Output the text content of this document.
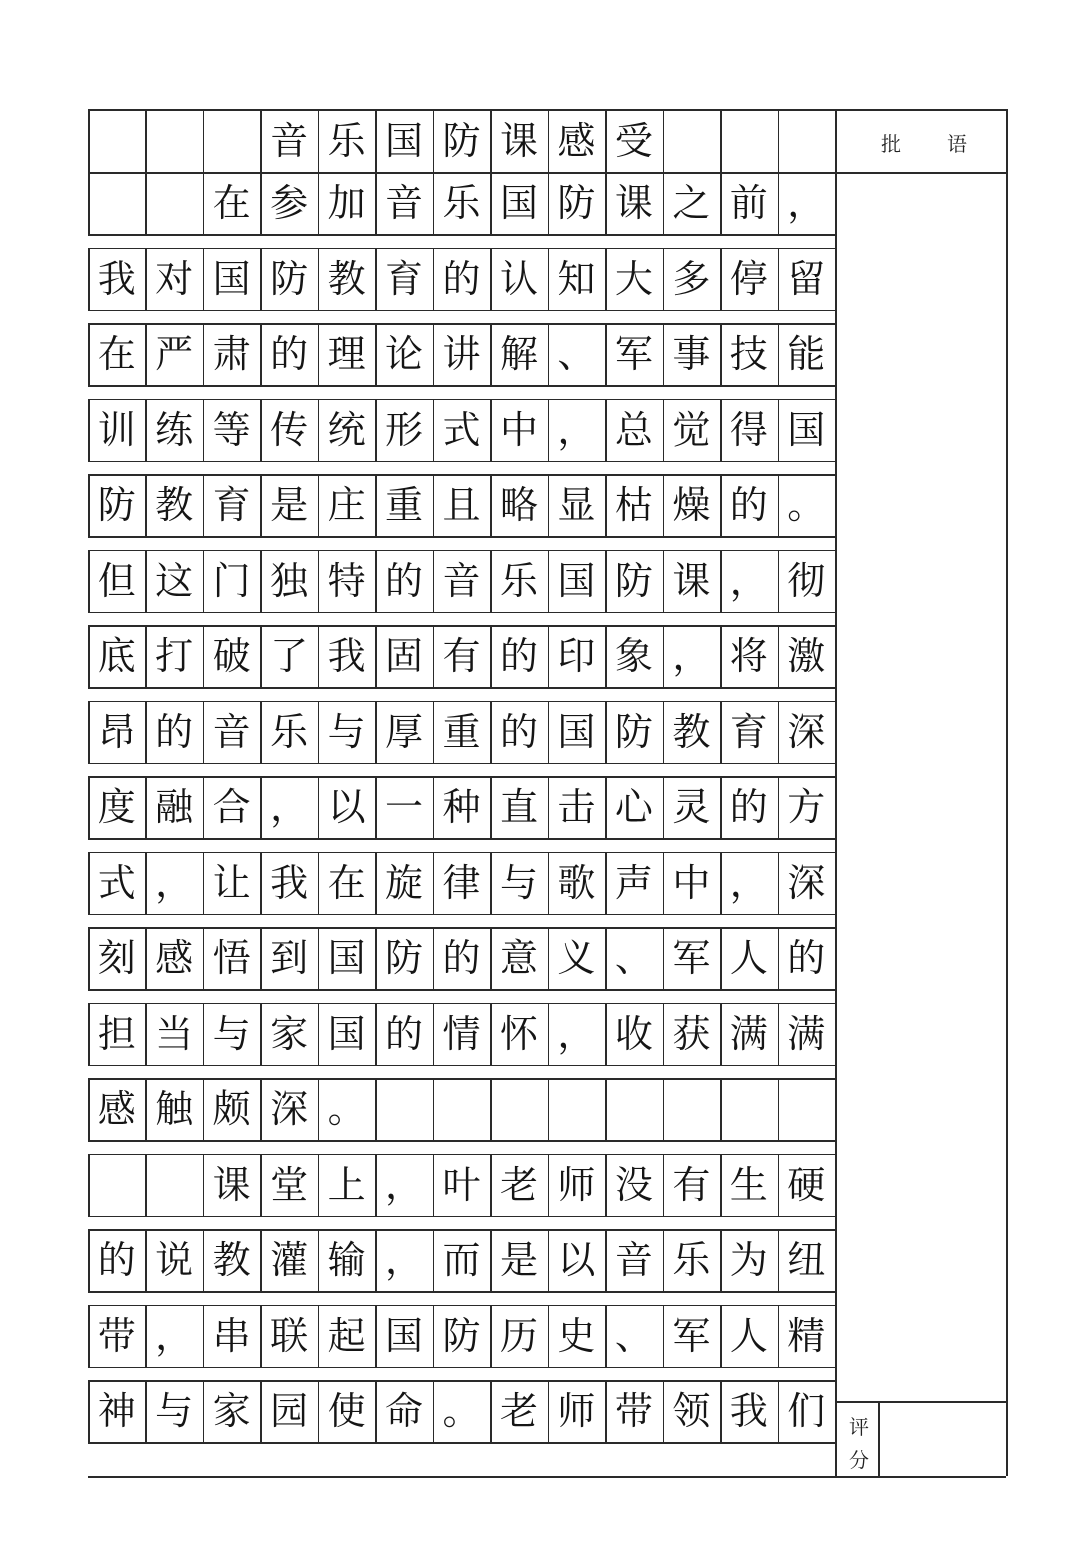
音 乐 国 防 课 感 受
在 参 加 音 乐 国 防 课 之 前 ，
我 对 国 防 教 育 的 认 知 大 多 停 留
在 严 肃 的 理 论 讲 解 、 军 事 技 能
训 练 等 传 统 形 式 中 ， 总 觉 得 国
防 教 育 是 庄 重 且 略 显 枯 燥 的 。
但 这 门 独 特 的 音 乐 国 防 课 ， 彻
底 打 破 了 我 固 有 的 印 象 ， 将 激
昂 的 音 乐 与 厚 重 的 国 防 教 育 深
度 融 合 ， 以 一 种 直 击 心 灵 的 方
式 ， 让 我 在 旋 律 与 歌 声 中 ， 深
刻 感 悟 到 国 防 的 意 义 、 军 人 的
担 当 与 家 国 的 情 怀 ， 收 获 满 满
感 触 颇 深 。
课 堂 上 ， 叶 老 师 没 有 生 硬
的 说 教 灌 输 ， 而 是 以 音 乐 为 纽
带 ， 串 联 起 国 防 历 史 、 军 人 精
神 与 家 园 使 命 。 老 师 带 领 我 们
批 语
评
分
